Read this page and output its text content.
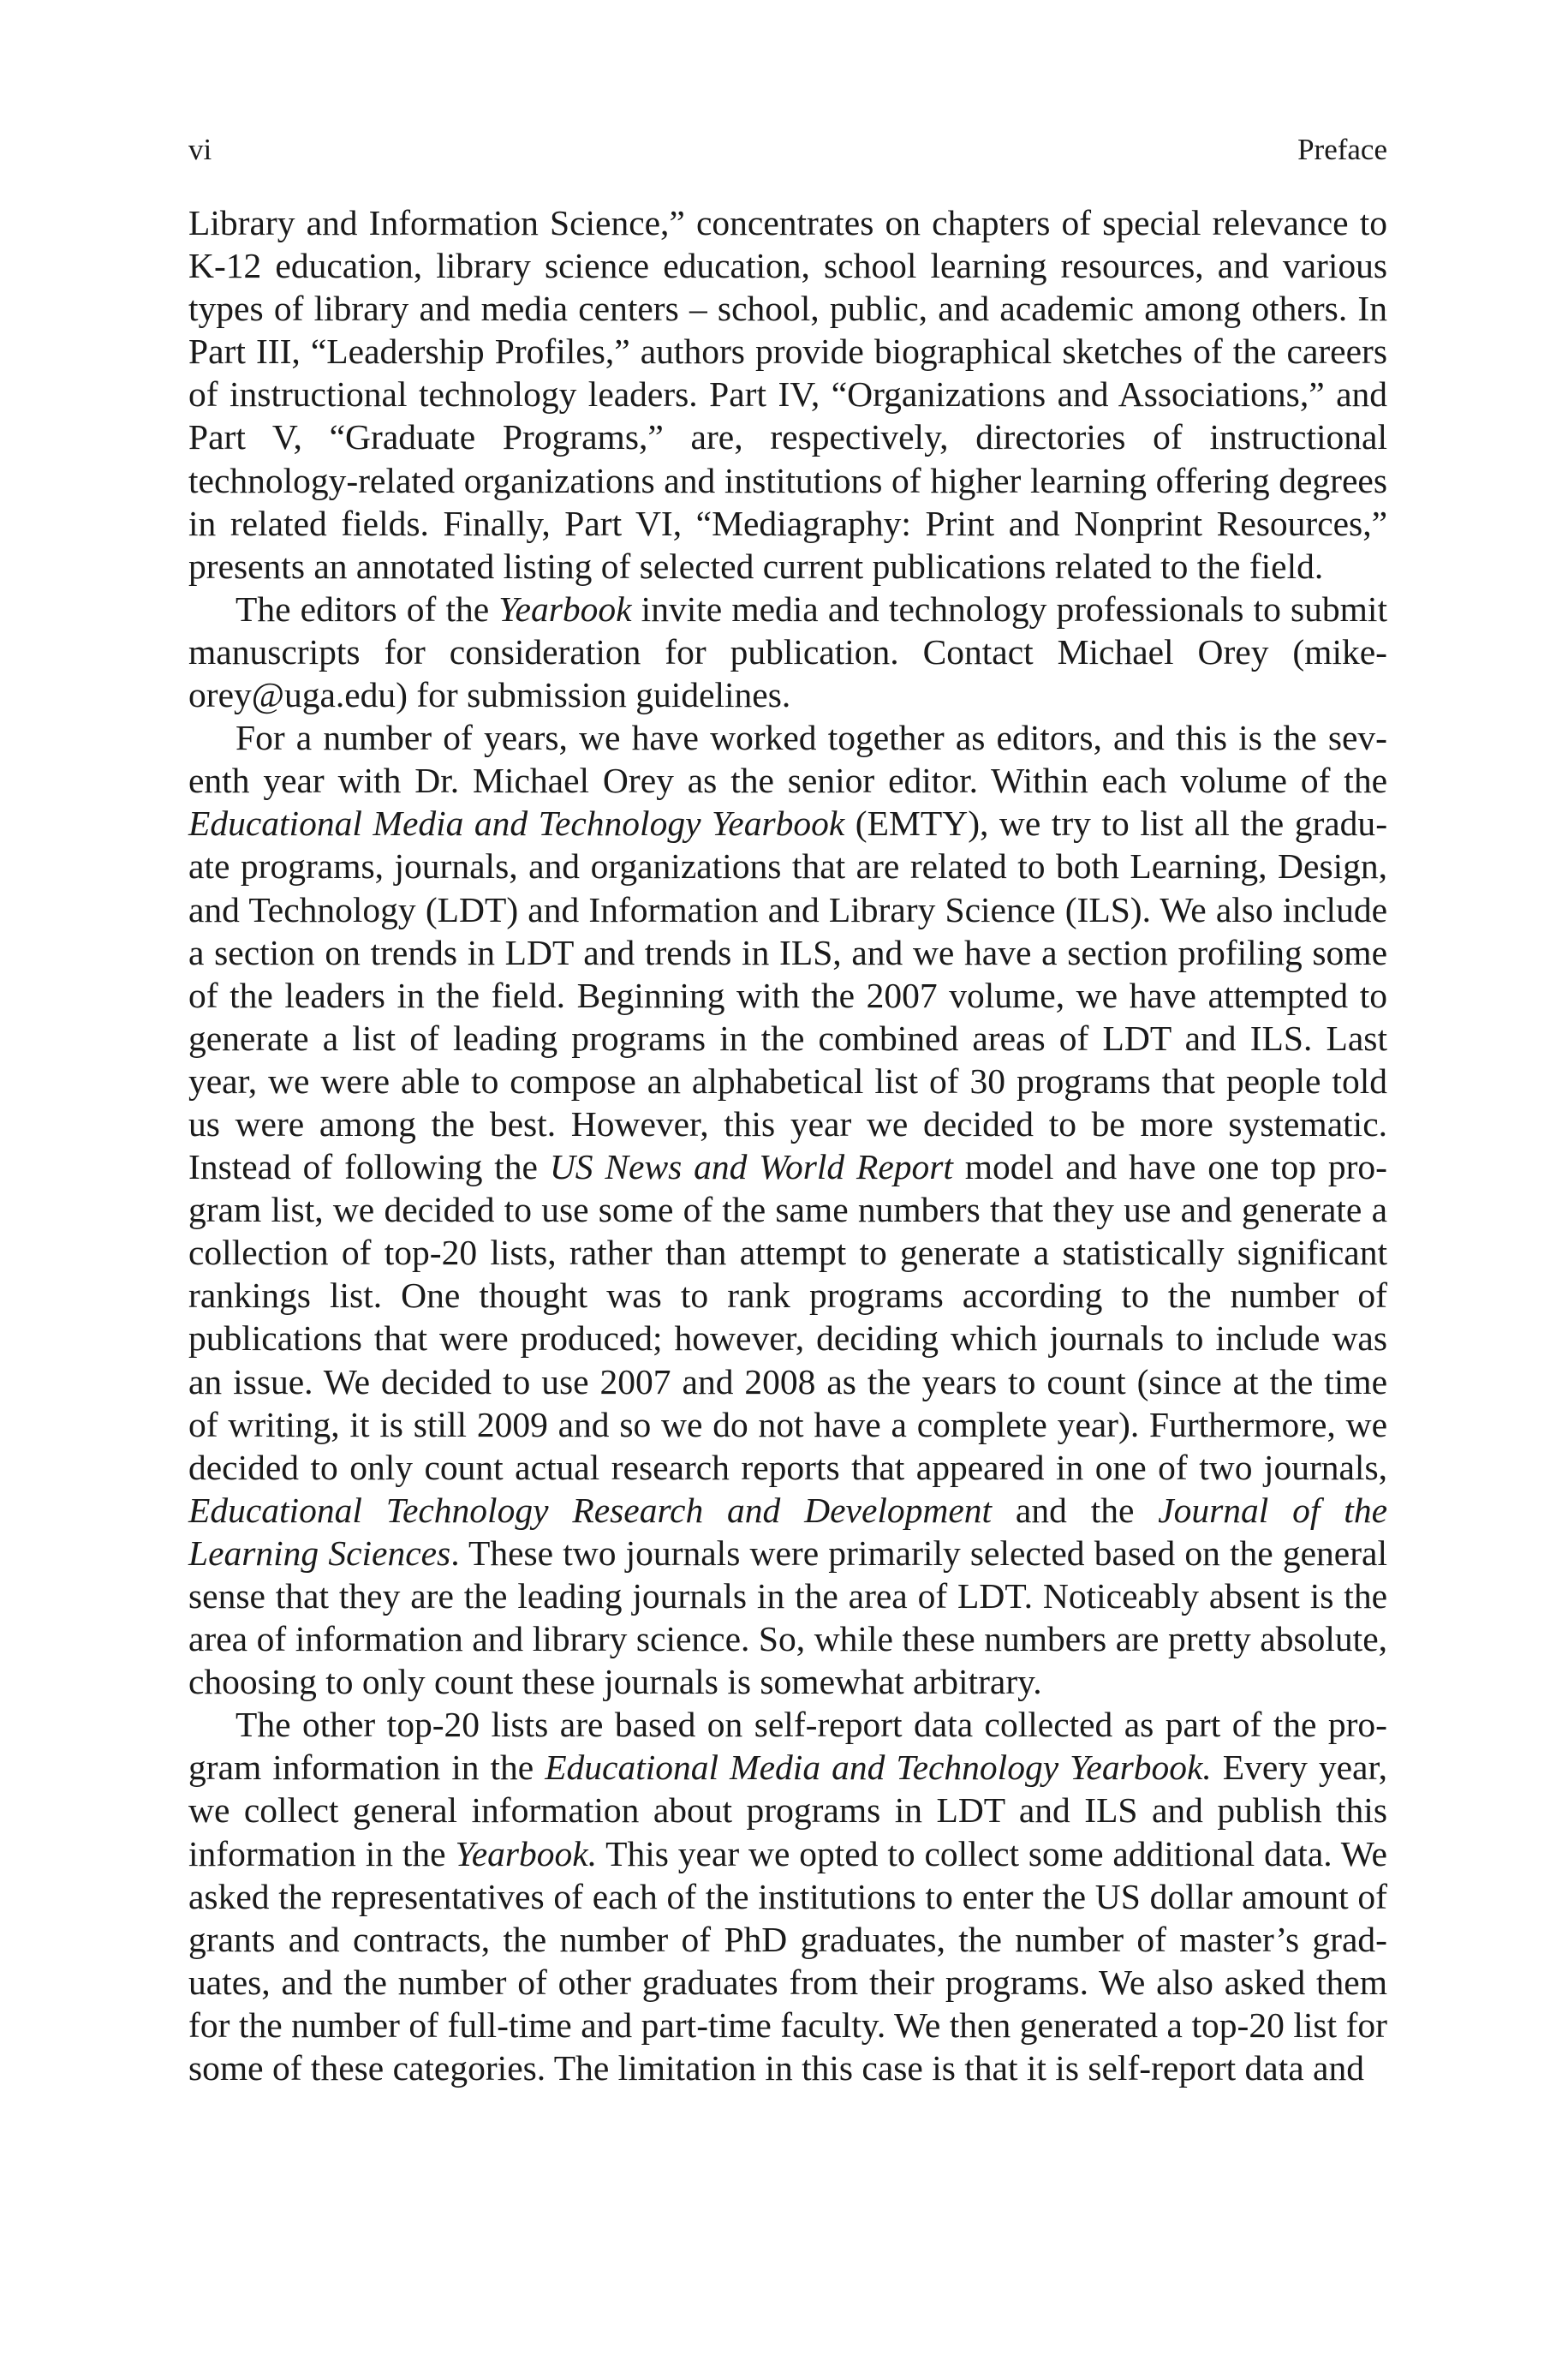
vi	Preface

Library and Information Science,” concentrates on chapters of special relevance to K-12 education, library science education, school learning resources, and various types of library and media centers – school, public, and academic among others. In Part III, “Leadership Profiles,” authors provide biographical sketches of the careers of instructional technology leaders. Part IV, “Organizations and Associations,” and Part V, “Graduate Programs,” are, respectively, directories of instructional technology-related organizations and institutions of higher learning offering degrees in related fields. Finally, Part VI, “Mediagraphy: Print and Nonprint Resources,” presents an annotated listing of selected current publications related to the field.

The editors of the Yearbook invite media and technology professionals to submit manuscripts for consideration for publication. Contact Michael Orey (mikeorey@uga.edu) for submission guidelines.

For a number of years, we have worked together as editors, and this is the seventh year with Dr. Michael Orey as the senior editor. Within each volume of the Educational Media and Technology Yearbook (EMTY), we try to list all the graduate programs, journals, and organizations that are related to both Learning, Design, and Technology (LDT) and Information and Library Science (ILS). We also include a section on trends in LDT and trends in ILS, and we have a section profiling some of the leaders in the field. Beginning with the 2007 volume, we have attempted to generate a list of leading programs in the combined areas of LDT and ILS. Last year, we were able to compose an alphabetical list of 30 programs that people told us were among the best. However, this year we decided to be more systematic. Instead of following the US News and World Report model and have one top program list, we decided to use some of the same numbers that they use and generate a collection of top-20 lists, rather than attempt to generate a statistically significant rankings list. One thought was to rank programs according to the number of publications that were produced; however, deciding which journals to include was an issue. We decided to use 2007 and 2008 as the years to count (since at the time of writing, it is still 2009 and so we do not have a complete year). Furthermore, we decided to only count actual research reports that appeared in one of two journals, Educational Technology Research and Development and the Journal of the Learning Sciences. These two journals were primarily selected based on the general sense that they are the leading journals in the area of LDT. Noticeably absent is the area of information and library science. So, while these numbers are pretty absolute, choosing to only count these journals is somewhat arbitrary.

The other top-20 lists are based on self-report data collected as part of the program information in the Educational Media and Technology Yearbook. Every year, we collect general information about programs in LDT and ILS and publish this information in the Yearbook. This year we opted to collect some additional data. We asked the representatives of each of the institutions to enter the US dollar amount of grants and contracts, the number of PhD graduates, the number of master’s graduates, and the number of other graduates from their programs. We also asked them for the number of full-time and part-time faculty. We then generated a top-20 list for some of these categories. The limitation in this case is that it is self-report data and
